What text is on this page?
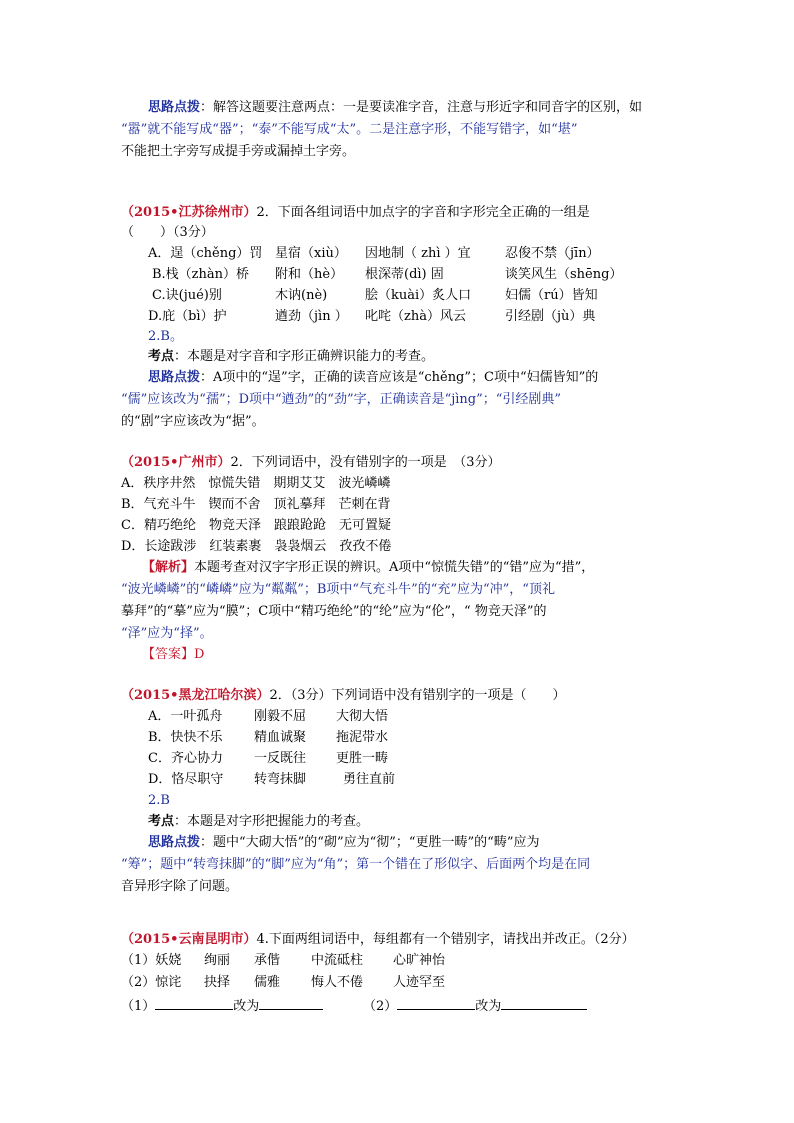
思路点拨：解答这题要注意两点：一是要读准字音，注意与形近字和同音字的区别，如
“嚣”就不能写成“器”；“泰”不能写成“太”。二是注意字形，不能写错字，如“堪”
不能把土字旁写成提手旁或漏掉土字旁。
（2015•江苏徐州市）2．下面各组词语中加点字的字音和字形完全正确的一组是
（　　）（3分）
A．逞（chěng）罚 星宿（xiù） 因地制（ zhì ）宜	忍俊不禁（jīn）
B.栈（zhàn）桥 附和（hè） 根深蒂(dì) 固	谈笑风生（shēng）
C.诀(jué)别	木讷(nè)	脍（kuài）炙人口	妇儒（rú）皆知
D.庇（bì）护	遒劲（jìn ） 叱咤（zhà）风云	引经剧（jù）典
2.B。
考点：本题是对字音和字形正确辨识能力的考查。
思路点拨：A项中的“逞”字，正确的读音应该是“chěng”；C项中“妇儒皆知”的
“儒”应该改为“孺”；D项中“遒劲”的“劲”字，正确读音是“jìng”；“引经剧典”
的“剧”字应该改为“据”。
（2015•广州市）2．下列词语中，没有错别字的一项是　（3分）
A．秩序井然　惊慌失错　期期艾艾　波光嶙嶙
B．气充斗牛　锲而不舍　顶礼摹拜　芒刺在背
C．精巧绝纶　物竞天泽　踉踉跄跄　无可置疑
D．长途跋涉　红装素裹　袅袅烟云　孜孜不倦
【解析】本题考查对汉字字形正误的辨识。A项中“惊慌失错”的“错”应为“措”，
“波光嶙嶙”的“嶙嶙”应为“粼粼”；B项中“气充斗牛”的“充”应为“冲”，“顶礼
摹拜”的“摹”应为“膜”；C项中“精巧绝纶”的“纶”应为“伦”，“ 物竞天泽”的
“泽”应为“择”。
【答案】D
（2015•黑龙江哈尔滨）2．（3分）下列词语中没有错别字的一项是（　　）
A．一叶孤舟 刚毅不屈 大彻大悟
B．快快不乐 精血诚聚 拖泥带水
C．齐心协力 一反既往 更胜一畴
D．恪尽职守 转弯抹脚	勇往直前
2.B
考点：本题是对字形把握能力的考查。
思路点拨：题中“大砌大悟”的“砌”应为“彻”；“更胜一畴”的“畴”应为
“筹”；题中“转弯抹脚”的“脚”应为“角”；第一个错在了形似字、后面两个均是在同
音异形字除了问题。
（2015•云南昆明市）4.下面两组词语中，每组都有一个错别字，请找出并改正。（2分）
（1）妖娆 绚丽 承偕 中流砥柱 心旷神怡
（2）惊诧 抉择 儒雅 悔人不倦 人迹罕至
（1）	改为	（2）	改为
